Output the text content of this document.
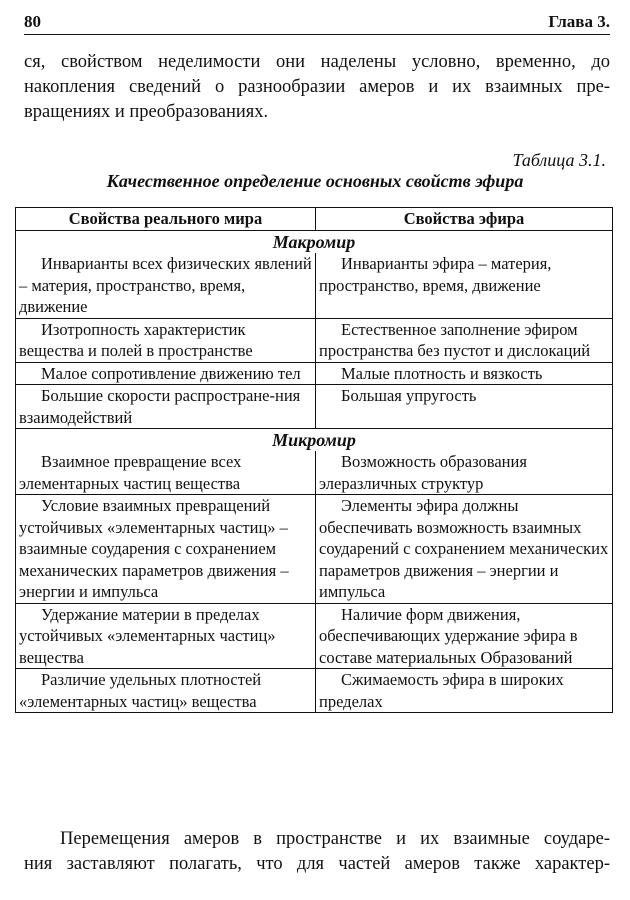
80	Глава 3.
ся, свойством неделимости они наделены условно, временно, до
накопления сведений о разнообразии амеров и их взаимных пре-
вращениях и преобразованиях.
Таблица 3.1.
Качественное определение основных свойств эфира
Свойства реального мира	Свойства эфира
Макромир	

Инварианты всех физических явлений – материя, пространство, время, движение	Инварианты эфира – материя, пространство, время, движение

Изотропность характеристик вещества и полей в пространстве	Естественное заполнение эфиром пространства без пустот и дислокаций

Малое сопротивление движению тел	Малые плотность и вязкость

Большие скорости распростране-ния взаимодействий	Большая упругость

Микромир	

Взаимное превращение всех элементарных частиц вещества	Возможность образования элеразличных структур

Условие взаимных превращений устойчивых «элементарных частиц» – взаимные соударения с сохранением механических параметров движения – энергии и импульса	Элементы эфира должны обеспечивать возможность взаимных соударений с сохранением механических параметров движения – энергии и импульса

Удержание материи в пределах устойчивых «элементарных частиц» вещества	Наличие форм движения, обеспечивающих удержание эфира в составе материальных Образований

Различие удельных плотностей «элементарных частиц» вещества	Сжимаемость эфира в широких пределах
Перемещения амеров в пространстве и их взаимные соударе-
ния заставляют полагать, что для частей амеров также характер-
